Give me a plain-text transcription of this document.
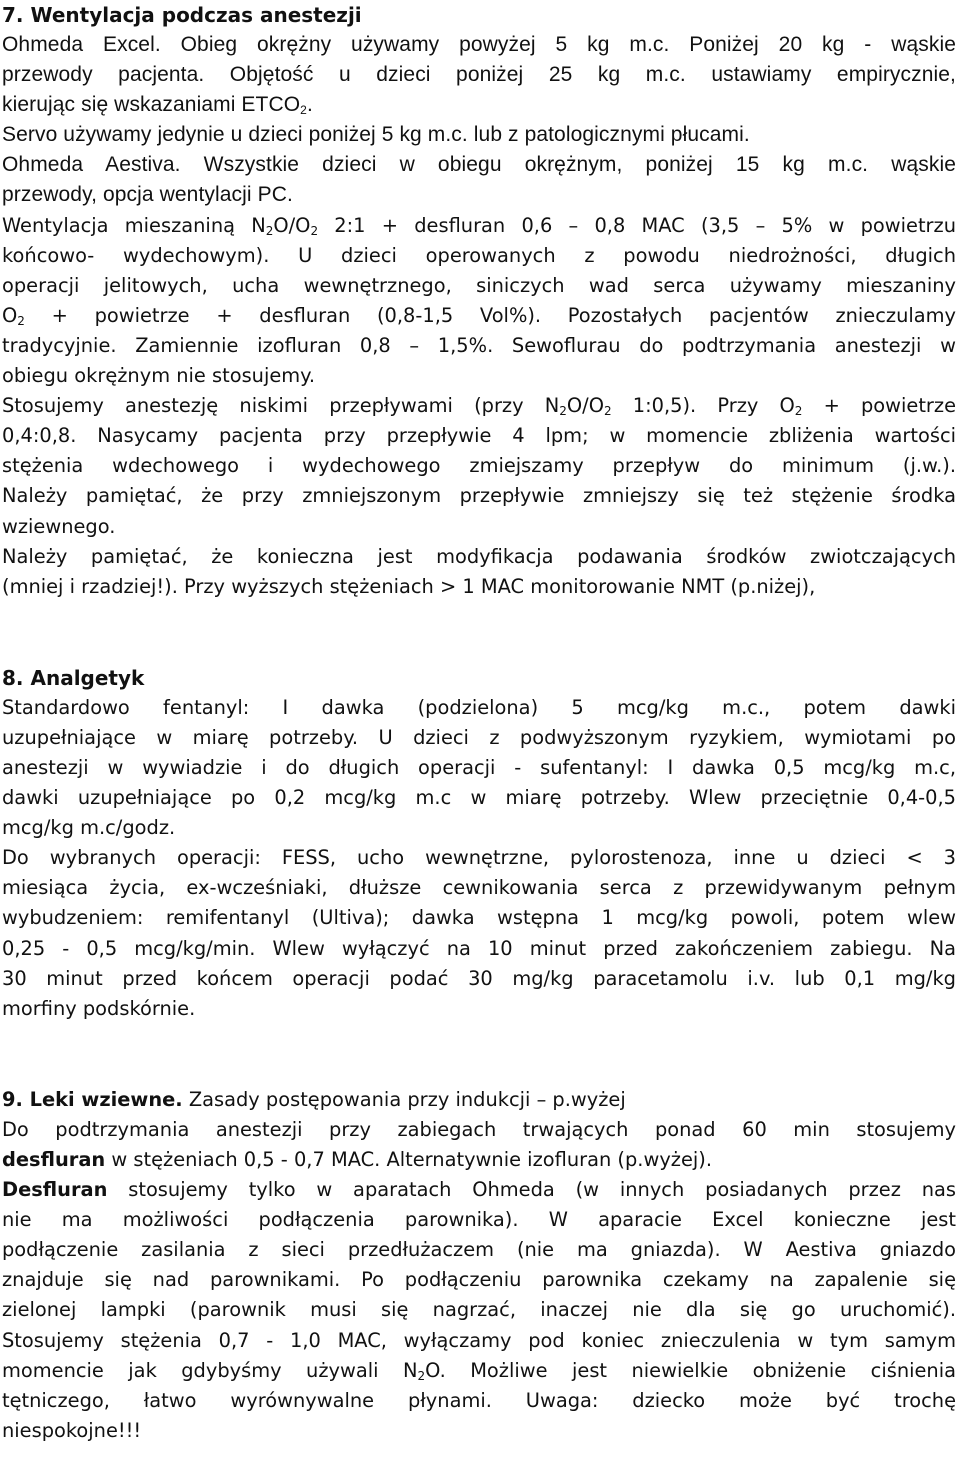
7. Wentylacja podczas anestezji

Ohmeda Excel. Obieg okrężny używamy powyżej 5 kg m.c. Poniżej 20 kg - wąskie
przewody pacjenta. Objętość u dzieci poniżej 25 kg m.c. ustawiamy empirycznie,
kierując się wskazaniami $ETCO_2$.

Servo używamy jedynie u dzieci poniżej 5 kg m.c. lub z patologicznymi płucami.

Ohmeda Aestiva. Wszystkie dzieci w obiegu okrężnym, poniżej 15 kg m.c. wąskie
przewody, opcja wentylacji PC.

Wentylacja mieszaniną $N_2O/O_2$ 2:1 + desfluran 0,6 – 0,8 MAC (3,5 – 5% w powietrzu
końcowo- wydechowym). U dzieci operowanych z powodu niedrożności, długich
operacji jelitowych, ucha wewnętrznego, siniczych wad serca używamy mieszaniny
$O_2$ + powietrze + desfluran (0,8-1,5 Vol%). Pozostałych pacjentów znieczulamy
tradycyjnie. Zamiennie izofluran 0,8 – 1,5%. Sewoflurau do podtrzymania anestezji w
obiegu okrężnym nie stosujemy.

Stosujemy anestezję niskimi przepływami (przy $N_2O/O_2$ 1:0,5). Przy $O_2$ + powietrze
0,4:0,8. Nasycamy pacjenta przy przepływie 4 lpm; w momencie zbliżenia wartości
stężenia wdechowego i wydechowego zmiejszamy przepływ do minimum (j.w.).
Należy pamiętać, że przy zmniejszonym przepływie zmniejszy się też stężenie środka
wziewnego.

Należy pamiętać, że konieczna jest modyfikacja podawania środków zwiotczających
(mniej i rzadziej!). Przy wyższych stężeniach > 1 MAC monitorowanie NMT (p.niżej),

8. Analgetyk

Standardowo fentanyl: I dawka (podzielona) 5 mcg/kg m.c., potem dawki
uzupełniające w miarę potrzeby. U dzieci z podwyższonym ryzykiem, wymiotami po
anestezji w wywiadzie i do długich operacji - sufentanyl: I dawka 0,5 mcg/kg m.c,
dawki uzupełniające po 0,2 mcg/kg m.c w miarę potrzeby. Wlew przeciętnie 0,4-0,5
mcg/kg m.c/godz.

Do wybranych operacji: FESS, ucho wewnętrzne, pylorostenoza, inne u dzieci < 3
miesiąca życia, ex-wcześniaki, dłuższe cewnikowania serca z przewidywanym pełnym
wybudzeniem: remifentanyl (Ultiva); dawka wstępna 1 mcg/kg powoli, potem wlew
0,25 - 0,5 mcg/kg/min. Wlew wyłączyć na 10 minut przed zakończeniem zabiegu. Na
30 minut przed końcem operacji podać 30 mg/kg paracetamolu i.v. lub 0,1 mg/kg
morfiny podskórnie.

9. Leki wziewne. Zasady postępowania przy indukcji – p.wyżej

Do podtrzymania anestezji przy zabiegach trwających ponad 60 min stosujemy
desfluran w stężeniach 0,5 - 0,7 MAC. Alternatywnie izofluran (p.wyżej).

Desfluran stosujemy tylko w aparatach Ohmeda (w innych posiadanych przez nas
nie ma możliwości podłączenia parownika). W aparacie Excel konieczne jest
podłączenie zasilania z sieci przedłużaczem (nie ma gniazda). W Aestiva gniazdo
znajduje się nad parownikami. Po podłączeniu parownika czekamy na zapalenie się
zielonej lampki (parownik musi się nagrzać, inaczej nie dla się go uruchomić).
Stosujemy stężenia 0,7 - 1,0 MAC, wyłączamy pod koniec znieczulenia w tym samym
momencie jak gdybyśmy używali $N_2O$. Możliwe jest niewielkie obniżenie ciśnienia
tętniczego, łatwo wyrównywalne płynami. Uwaga: dziecko może być trochę
niespokojne!!!
